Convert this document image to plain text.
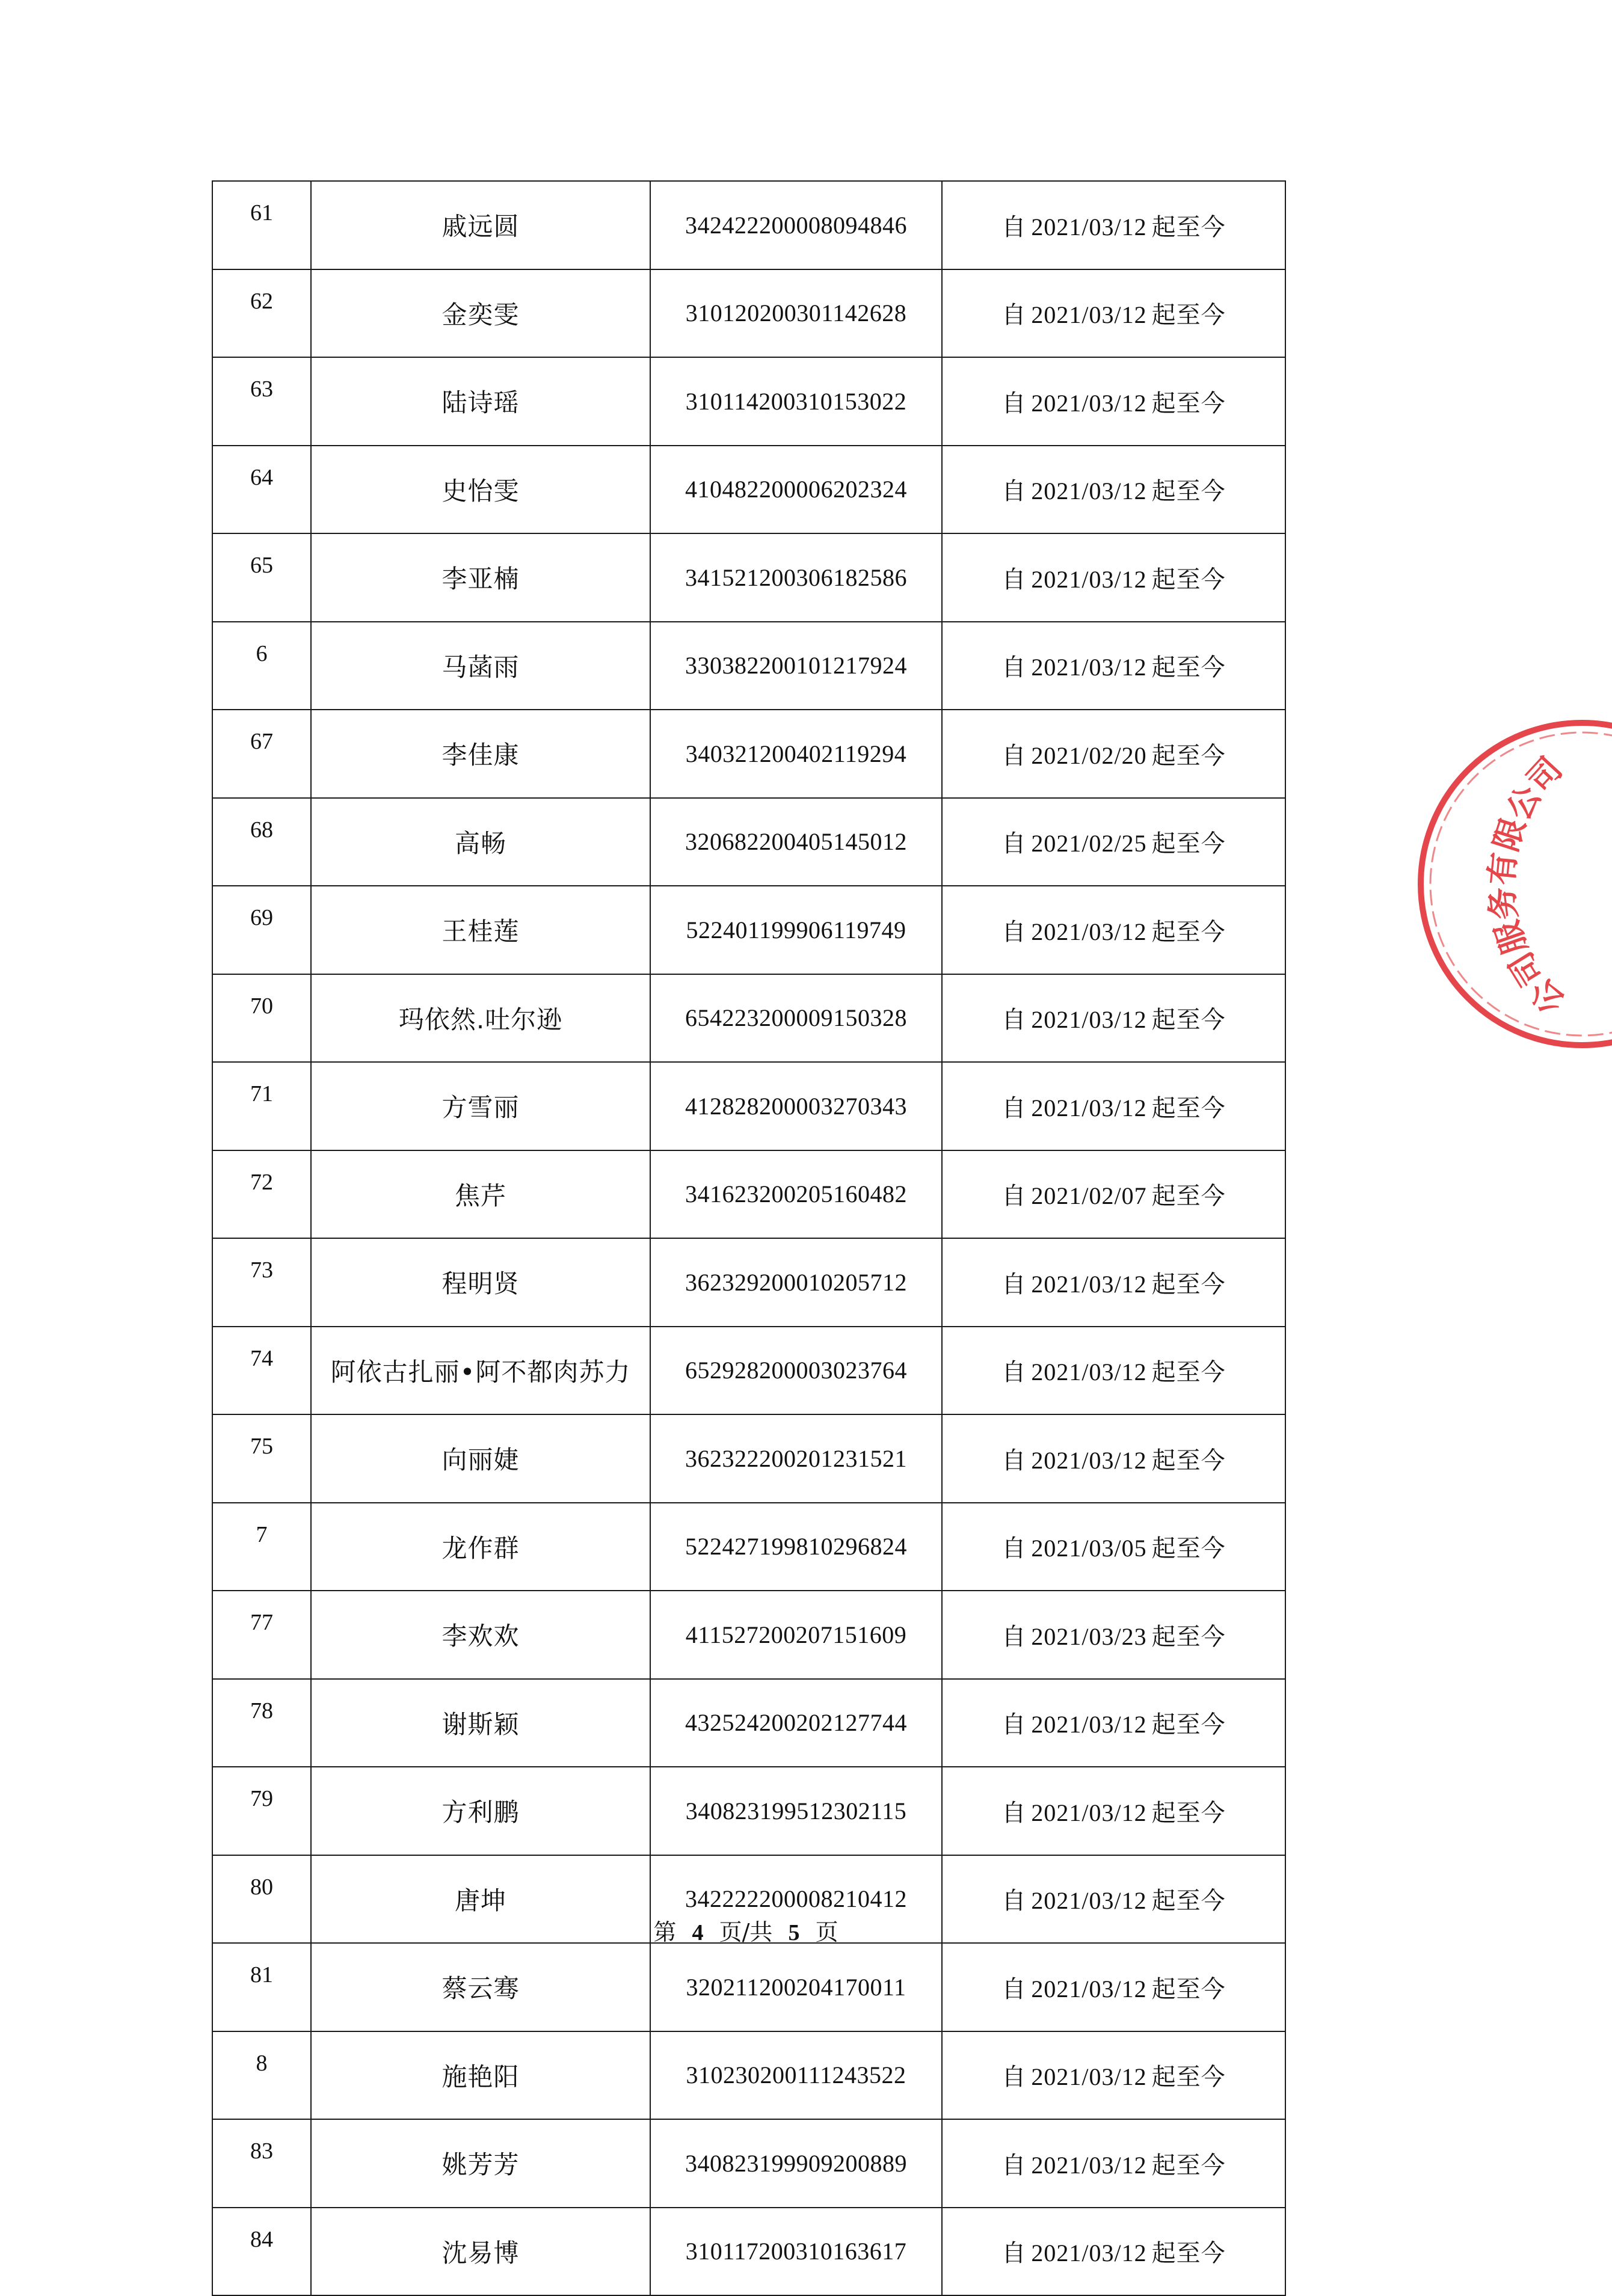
61	戚远圆	342422200008094846	自 2021/03/12 起至今
62	金奕雯	310120200301142628	自 2021/03/12 起至今
63	陆诗瑶	310114200310153022	自 2021/03/12 起至今
64	史怡雯	410482200006202324	自 2021/03/12 起至今
65	李亚楠	341521200306182586	自 2021/03/12 起至今
6	马菡雨	330382200101217924	自 2021/03/12 起至今
67	李佳康	340321200402119294	自 2021/02/20 起至今
68	高畅	320682200405145012	自 2021/02/25 起至今
69	王桂莲	522401199906119749	自 2021/03/12 起至今
70	玛依然.吐尔逊	654223200009150328	自 2021/03/12 起至今
71	方雪丽	412828200003270343	自 2021/03/12 起至今
72	焦芹	341623200205160482	自 2021/02/07 起至今
73	程明贤	362329200010205712	自 2021/03/12 起至今
74	阿依古扎丽•阿不都肉苏力	652928200003023764	自 2021/03/12 起至今
75	向丽婕	362322200201231521	自 2021/03/12 起至今
7	龙作群	522427199810296824	自 2021/03/05 起至今
77	李欢欢	411527200207151609	自 2021/03/23 起至今
78	谢斯颖	432524200202127744	自 2021/03/12 起至今
79	方利鹏	340823199512302115	自 2021/03/12 起至今
80	唐坤	342222200008210412	自 2021/03/12 起至今
81	蔡云骞	320211200204170011	自 2021/03/12 起至今
8	施艳阳	310230200111243522	自 2021/03/12 起至今
83	姚芳芳	340823199909200889	自 2021/03/12 起至今
84	沈易博	310117200310163617	自 2021/03/12 起至今
第 4 页/共 5 页
公司服务有限公司
